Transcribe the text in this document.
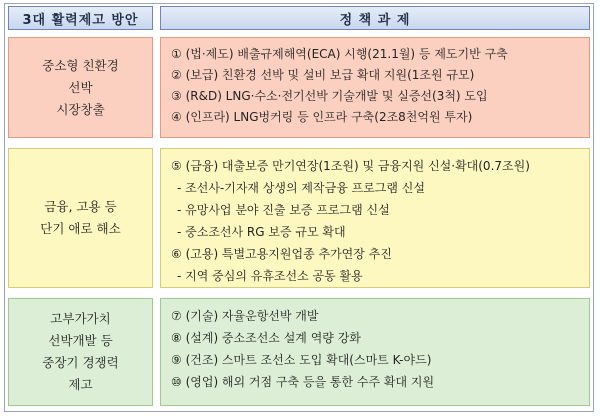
3대 활력제고 방안	정 책 과 제
중소형 친환경
선박
시장창출
① (법·제도) 배출규제해역(ECA) 시행(21.1월) 등 제도기반 구축
② (보급) 친환경 선박 및 설비 보급 확대 지원(1조원 규모)
③ (R&D) LNG·수소·전기선박 기술개발 및 실증선(3척) 도입
④ (인프라) LNG벙커링 등 인프라 구축(2조8천억원 투자)
금융, 고용 등
단기 애로 해소
⑤ (금융) 대출보증 만기연장(1조원) 및 금융지원 신설·확대(0.7조원)
- 조선사-기자재 상생의 제작금융 프로그램 신설
- 유망사업 분야 진출 보증 프로그램 신설
- 중소조선사 RG 보증 규모 확대
⑥ (고용) 특별고용지원업종 추가연장 추진
- 지역 중심의 유휴조선소 공동 활용
고부가가치
선박개발 등
중장기 경쟁력
제고
⑦ (기술) 자율운항선박 개발
⑧ (설계) 중소조선소 설계 역량 강화
⑨ (건조) 스마트 조선소 도입 확대(스마트 K-야드)
⑩ (영업) 해외 거점 구축 등을 통한 수주 확대 지원
